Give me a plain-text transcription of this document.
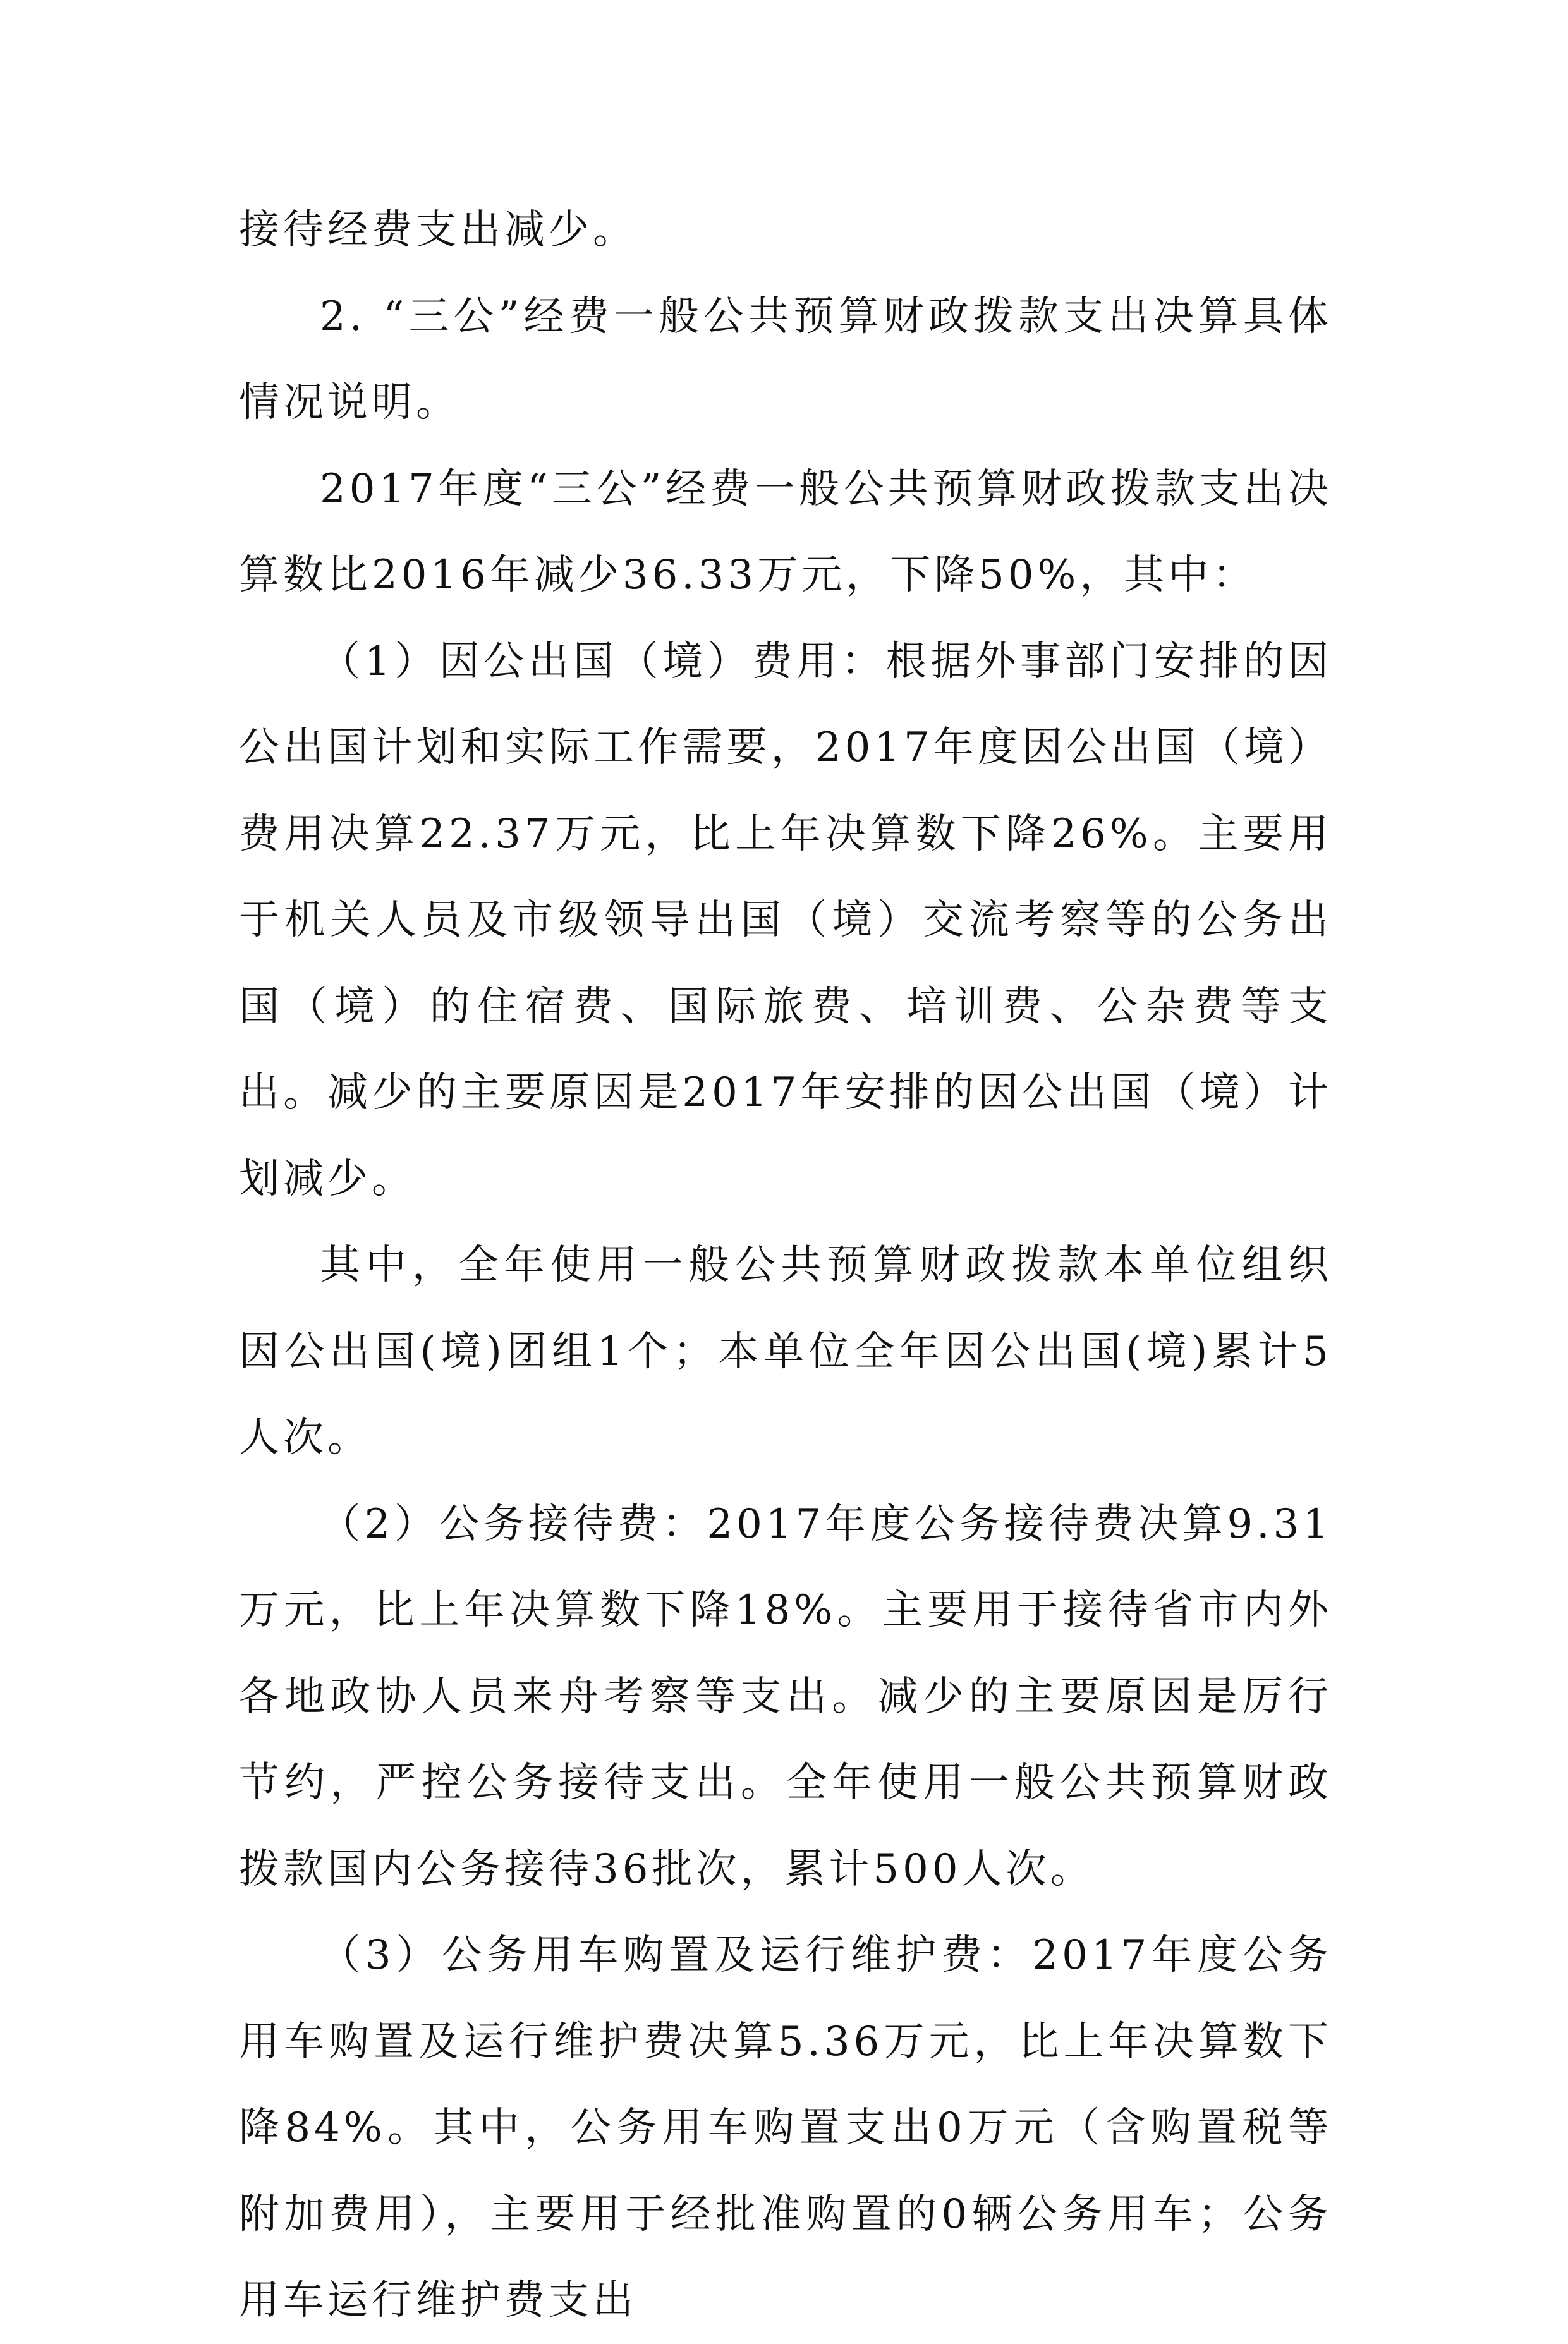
接待经费支出减少。

2. “三公”经费一般公共预算财政拨款支出决算具体情况说明。

2017年度“三公”经费一般公共预算财政拨款支出决算数比2016年减少36.33万元，下降50%，其中：

（1）因公出国（境）费用：根据外事部门安排的因公出国计划和实际工作需要，2017年度因公出国（境）费用决算22.37万元，比上年决算数下降26%。主要用于机关人员及市级领导出国（境）交流考察等的公务出国（境）的住宿费、国际旅费、培训费、公杂费等支出。减少的主要原因是2017年安排的因公出国（境）计划减少。

其中，全年使用一般公共预算财政拨款本单位组织因公出国(境)团组1个；本单位全年因公出国(境)累计5人次。

（2）公务接待费：2017年度公务接待费决算9.31万元，比上年决算数下降18%。主要用于接待省市内外各地政协人员来舟考察等支出。减少的主要原因是厉行节约，严控公务接待支出。全年使用一般公共预算财政拨款国内公务接待36批次，累计500人次。

（3）公务用车购置及运行维护费：2017年度公务用车购置及运行维护费决算5.36万元，比上年决算数下降84%。其中，公务用车购置支出0万元（含购置税等附加费用），主要用于经批准购置的0辆公务用车；公务用车运行维护费支出
